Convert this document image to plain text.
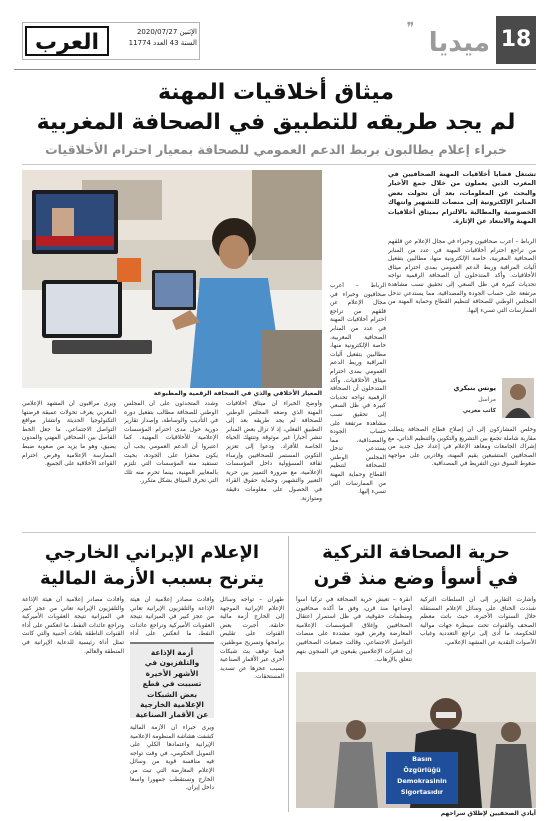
18
ميديا
❞
العرب	الإثنين 2020/07/27
السنة 43 العدد 11774
ميثاق أخلاقيات المهنة
لم يجد طريقه للتطبيق في الصحافة المغربية
خبراء إعلام يطالبون بربط الدعم العمومي للصحافة بمعيار احترام الأخلاقيات
تشتغل قضايا أخلاقيات المهنة الصحافيين في المغرب الذين يعملون من خلال جمع الأخبار والبحث عن المعلومات، بعد أن تحولت بعض المنابر الإلكترونية إلى منصات للتشهير وانتهاك الخصوصية والمطالبة بالالتزام بميثاق أخلاقيات المهنة والابتعاد عن الإثارة.
المعيار الأخلاقي والذي في الصحافة الرقمية والمطبوعة

الرباط – أعرب صحافيون وخبراء في مجال الإعلام عن قلقهم من تراجع احترام أخلاقيات المهنة في عدد من المنابر الصحافية المغربية، خاصة الإلكترونية منها، مطالبين بتفعيل آليات المراقبة وربط الدعم العمومي بمدى احترام ميثاق الأخلاقيات. وأكد المتدخلون أن الصحافة الرقمية تواجه تحديات كبيرة في ظل السعي إلى تحقيق نسب مشاهدة مرتفعة على حساب الجودة والمصداقية، مما يستدعي تدخل المجلس الوطني للصحافة لتنظيم القطاع وحماية المهنة من الممارسات التي تسيء إليها.

يونس بنبكري
مراسل
كاتب مغربي

وخلص المشاركون إلى أن إصلاح قطاع الصحافة يتطلب مقاربة شاملة تجمع بين التشريع والتكوين والتنظيم الذاتي، مع إشراك الجامعات ومعاهد الإعلام في إعداد جيل جديد من الصحافيين المتشبعين بقيم المهنة، وقادرين على مواجهة ضغوط السوق دون التفريط في المصداقية.

ويرى مراقبون أن المشهد الإعلامي المغربي يعرف تحولات عميقة فرضتها التكنولوجيا الحديثة وانتشار مواقع التواصل الاجتماعي، ما جعل الخط الفاصل بين الصحافي المهني والمدون يضيق، وهو ما يزيد من صعوبة ضبط الممارسة الإعلامية وفرض احترام القواعد الأخلاقية على الجميع.

وشدد المتحدثون على أن المجلس الوطني للصحافة مطالب بتفعيل دوره في التأديب والوساطة، وإصدار تقارير دورية حول مدى احترام المؤسسات الإعلامية للأخلاقيات المهنية. كما اعتبروا أن الدعم العمومي يجب أن يكون محفزا على الجودة، بحيث تستفيد منه المؤسسات التي تلتزم بالمعايير المهنية، بينما تحرم منه تلك التي تخرق الميثاق بشكل متكرر.

وأوضح الخبراء أن ميثاق أخلاقيات المهنة الذي وضعه المجلس الوطني للصحافة لم يجد طريقه بعد إلى التطبيق الفعلي، إذ لا تزال بعض المنابر تنشر أخبارا غير موثوقة وتنتهك الحياة الخاصة للأفراد. ودعوا إلى تعزيز التكوين المستمر للصحافيين وإرساء ثقافة المسؤولية داخل المؤسسات الإعلامية، مع ضرورة التمييز بين حرية التعبير والتشهير، وحماية حقوق القراء في الحصول على معلومات دقيقة ومتوازنة.

الرباط – أعرب صحافيون وخبراء في مجال الإعلام عن قلقهم من تراجع احترام أخلاقيات المهنة في عدد من المنابر الصحافية المغربية، خاصة الإلكترونية منها، مطالبين بتفعيل آليات المراقبة وربط الدعم العمومي بمدى احترام ميثاق الأخلاقيات. وأكد المتدخلون أن الصحافة الرقمية تواجه تحديات كبيرة في ظل السعي إلى تحقيق نسب مشاهدة مرتفعة على حساب الجودة والمصداقية، مما يستدعي تدخل المجلس الوطني للصحافة لتنظيم القطاع وحماية المهنة من الممارسات التي تسيء إليها.

حرية الصحافة التركية
في أسوأ وضع منذ قرن

أنقرة – تعيش حرية الصحافة في تركيا أسوأ أوضاعها منذ قرن، وفق ما أكده صحافيون ومنظمات حقوقية، في ظل استمرار اعتقال الصحافيين وإغلاق المؤسسات الإعلامية المعارضة وفرض قيود مشددة على منصات التواصل الاجتماعي. وقالت جمعيات الصحافيين إن عشرات الإعلاميين يقبعون في السجون بتهم تتعلق بالإرهاب.

وأشارت التقارير إلى أن السلطات التركية شددت الخناق على وسائل الإعلام المستقلة خلال السنوات الأخيرة، حيث باتت معظم الصحف والقنوات تحت سيطرة جهات موالية للحكومة، ما أدى إلى تراجع التعددية وغياب الأصوات النقدية عن المشهد الإعلامي.

Basın
Özgürlüğü
Demokrasinin
Sigortasıdır
أيادي الصحفيين لإطلاق سراحهم
الإعلام الإيراني الخارجي
يترنح بسبب الأزمة المالية

طهران – تواجه وسائل الإعلام الإيرانية الموجهة إلى الخارج أزمة مالية خانقة، أجبرت بعض القنوات على تقليص برامجها وتسريح موظفين، فيما توقف بث شبكات أخرى عبر الأقمار الصناعية بسبب عجزها عن تسديد المستحقات.

وأفادت مصادر إعلامية أن هيئة الإذاعة والتلفزيون الإيرانية تعاني من عجز كبير في الميزانية نتيجة العقوبات الأميركية وتراجع عائدات النفط، ما انعكس على أداء

أزمة الإذاعة والتلفزيون في الأشهر الأخيرة تسببت في قطع بعض الشبكات الإعلامية الخارجية عن الأقمار الصناعية

ويرى خبراء أن الأزمة المالية كشفت هشاشة المنظومة الإعلامية الإيرانية واعتمادها الكلي على التمويل الحكومي، في وقت تواجه فيه منافسة قوية من وسائل الإعلام المعارضة التي تبث من الخارج وتستقطب جمهورا واسعا داخل إيران.

وأفادت مصادر إعلامية أن هيئة الإذاعة والتلفزيون الإيرانية تعاني من عجز كبير في الميزانية نتيجة العقوبات الأميركية وتراجع عائدات النفط، ما انعكس على أداء القنوات الناطقة بلغات أجنبية والتي كانت تمثل أداة رئيسية للدعاية الإيرانية في المنطقة والعالم.
